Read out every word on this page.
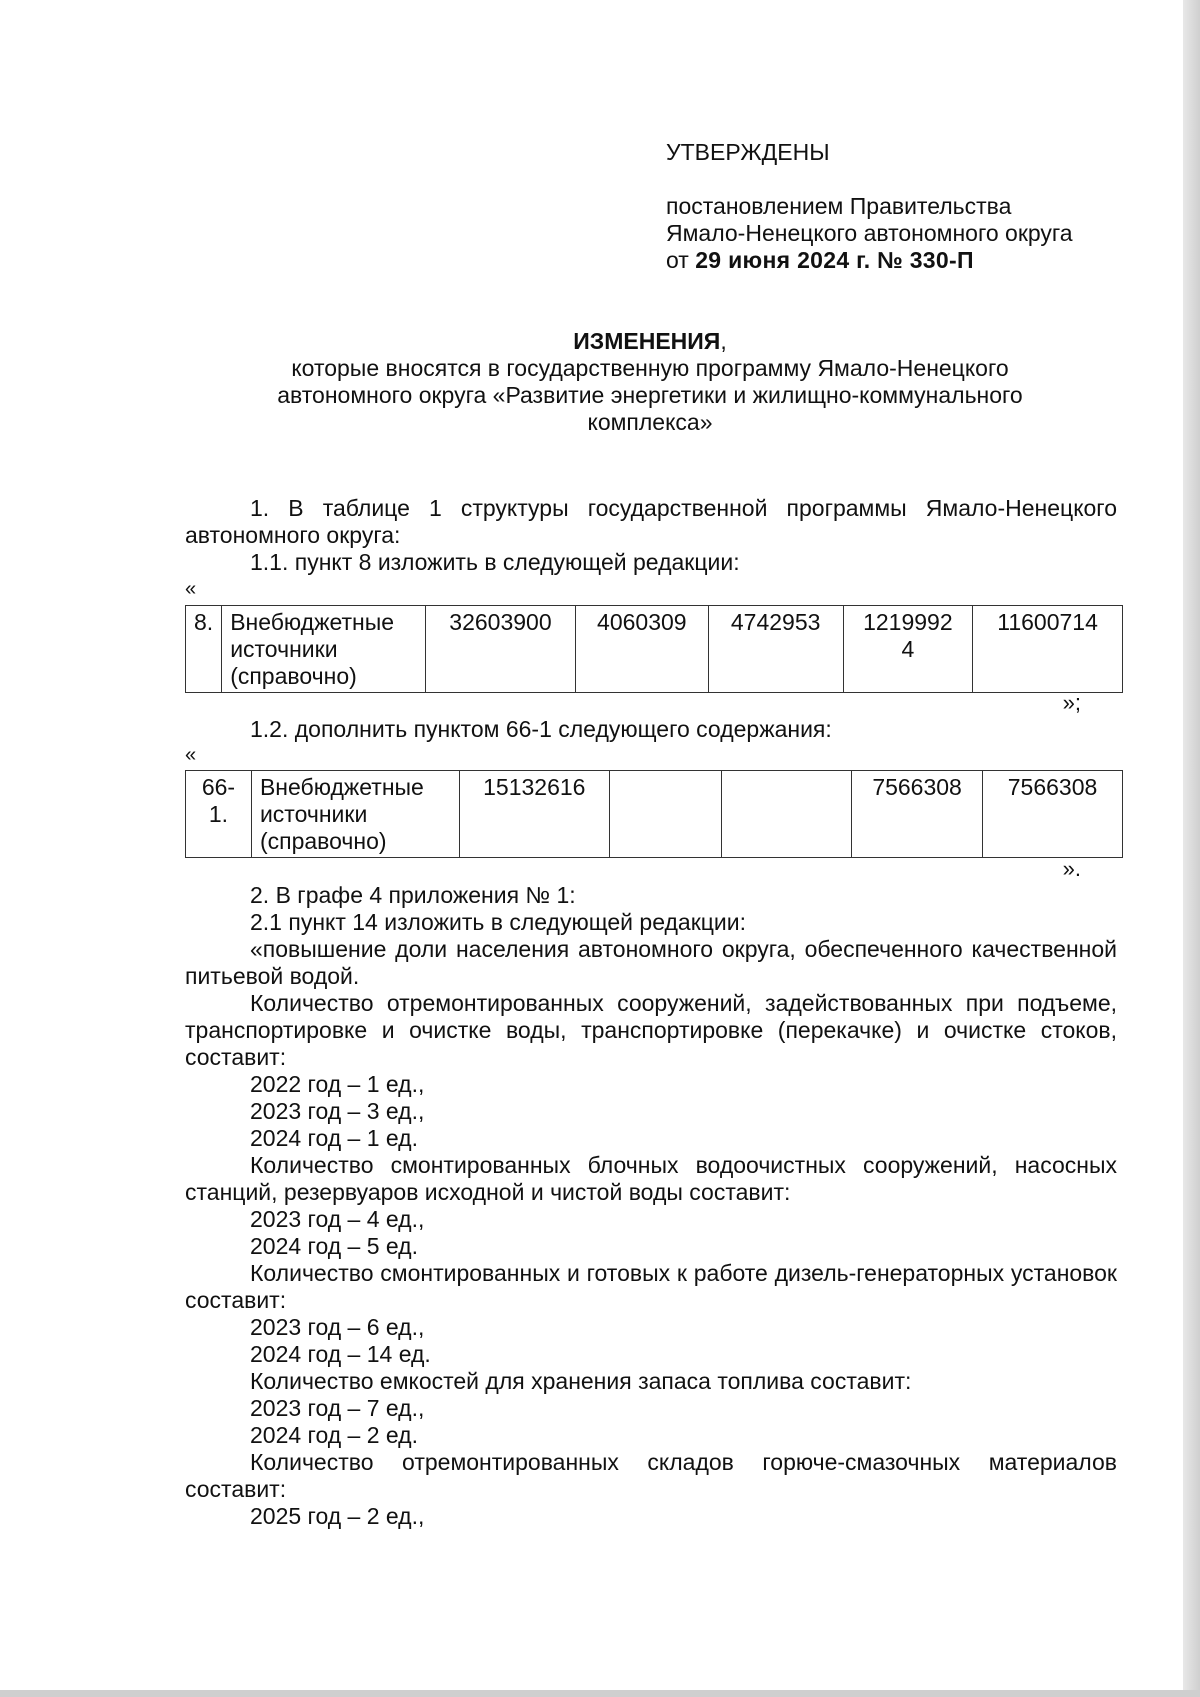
УТВЕРЖДЕНЫ
постановлением Правительства
Ямало-Ненецкого автономного округа
от 29 июня 2024 г. № 330-П
ИЗМЕНЕНИЯ,
которые вносятся в государственную программу Ямало-Ненецкого
автономного округа «Развитие энергетики и жилищно-коммунального
комплекса»

1. В таблице 1 структуры государственной программы Ямало-Ненецкого автономного округа:

1.1. пункт 8 изложить в следующей редакции:

«
8.	Внебюджетные источники (справочно)	32603900	4060309	4742953	12199924	11600714
»;

1.2. дополнить пунктом 66-1 следующего содержания:

«
66-1.	Внебюджетные источники (справочно)	15132616			7566308	7566308
».

2. В графе 4 приложения № 1:

2.1 пункт 14 изложить в следующей редакции:

«повышение доли населения автономного округа, обеспеченного качественной питьевой водой.

Количество отремонтированных сооружений, задействованных при подъеме, транспортировке и очистке воды, транспортировке (перекачке) и очистке стоков, составит:

2022 год – 1 ед.,

2023 год – 3 ед.,

2024 год – 1 ед.

Количество смонтированных блочных водоочистных сооружений, насосных станций, резервуаров исходной и чистой воды составит:

2023 год – 4 ед.,

2024 год – 5 ед.

Количество смонтированных и готовых к работе дизель-генераторных установок составит:

2023 год – 6 ед.,

2024 год – 14 ед.

Количество емкостей для хранения запаса топлива составит:

2023 год – 7 ед.,

2024 год – 2 ед.

Количество отремонтированных складов горюче-смазочных материалов составит:

2025 год – 2 ед.,
